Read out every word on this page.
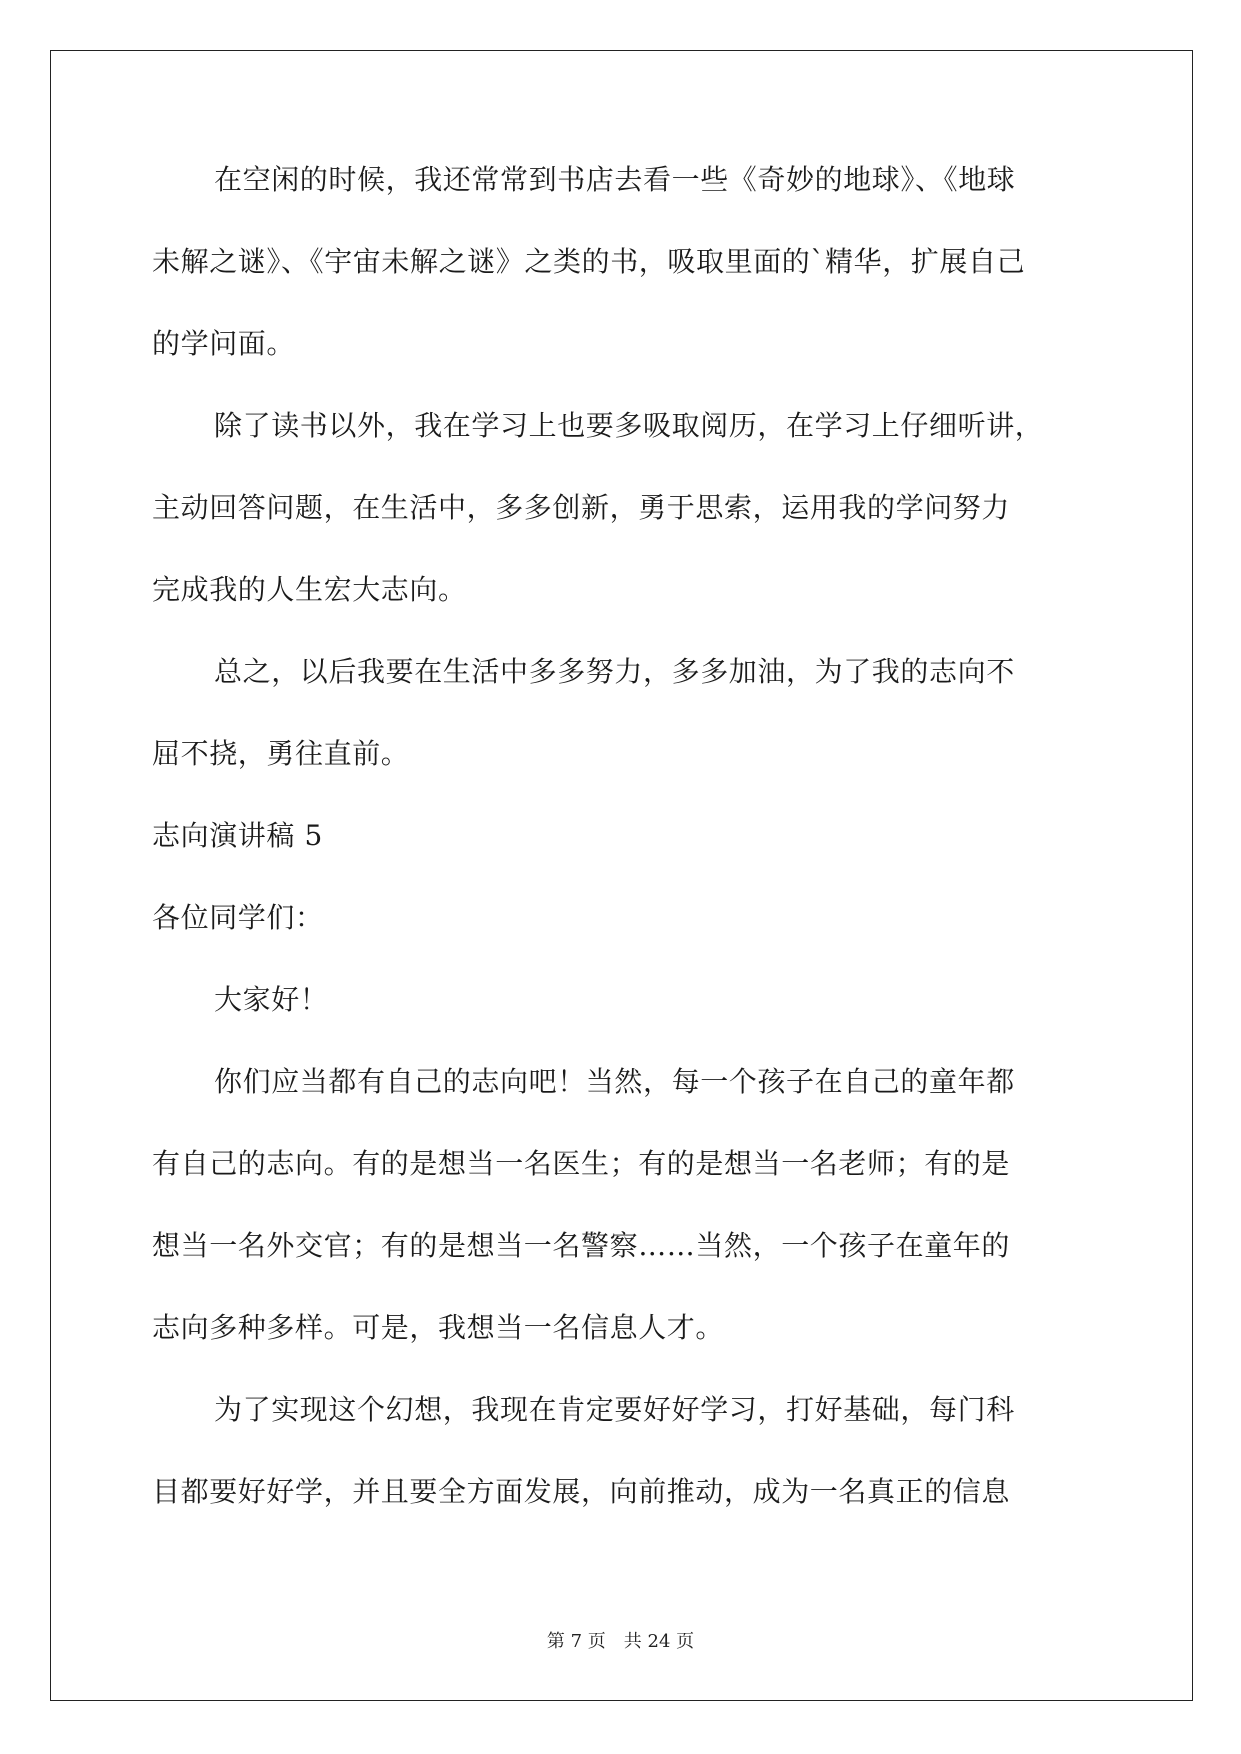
在空闲的时候，我还常常到书店去看一些《奇妙的地球》、《地球
未解之谜》、《宇宙未解之谜》之类的书，吸取里面的`精华，扩展自己
的学问面。
除了读书以外，我在学习上也要多吸取阅历，在学习上仔细听讲，
主动回答问题，在生活中，多多创新，勇于思索，运用我的学问努力
完成我的人生宏大志向。
总之，以后我要在生活中多多努力，多多加油，为了我的志向不
屈不挠，勇往直前。
志向演讲稿 5
各位同学们：
大家好！
你们应当都有自己的志向吧！当然，每一个孩子在自己的童年都
有自己的志向。有的是想当一名医生；有的是想当一名老师；有的是
想当一名外交官；有的是想当一名警察……当然，一个孩子在童年的
志向多种多样。可是，我想当一名信息人才。
为了实现这个幻想，我现在肯定要好好学习，打好基础，每门科
目都要好好学，并且要全方面发展，向前推动，成为一名真正的信息
第 7 页　共 24 页
